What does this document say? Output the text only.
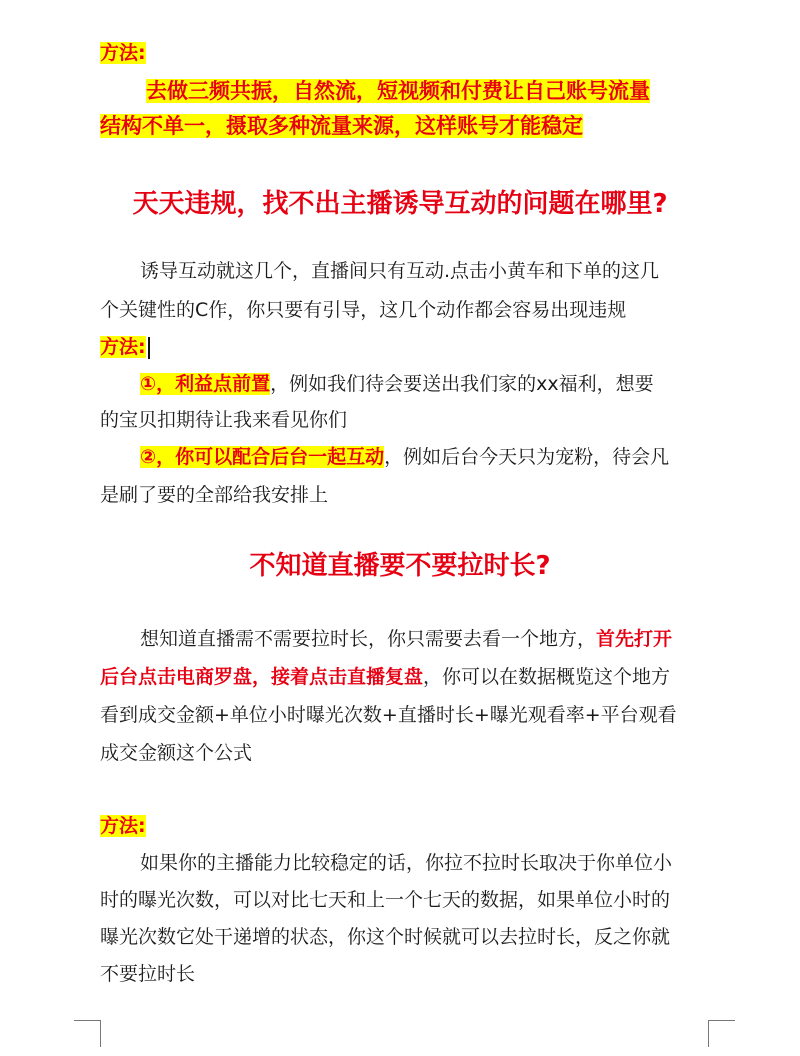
方法:
去做三频共振，自然流，短视频和付费让自己账号流量
结构不单一，摄取多种流量来源，这样账号才能稳定
天天违规，找不出主播诱导互动的问题在哪里?
诱导互动就这几个，直播间只有互动.点击小黄车和下单的这几
个关键性的C作，你只要有引导，这几个动作都会容易出现违规
方法:
①，利益点前置，例如我们待会要送出我们家的xx福利，想要
的宝贝扣期待让我来看见你们
②，你可以配合后台一起互动，例如后台今天只为宠粉，待会凡
是刷了要的全部给我安排上
不知道直播要不要拉时长?
想知道直播需不需要拉时长，你只需要去看一个地方，首先打开
后台点击电商罗盘，接着点击直播复盘，你可以在数据概览这个地方
看到成交金额+单位小时曝光次数+直播时长+曝光观看率+平台观看
成交金额这个公式
方法:
如果你的主播能力比较稳定的话，你拉不拉时长取决于你单位小
时的曝光次数，可以对比七天和上一个七天的数据，如果单位小时的
曝光次数它处干递增的状态，你这个时候就可以去拉时长，反之你就
不要拉时长
